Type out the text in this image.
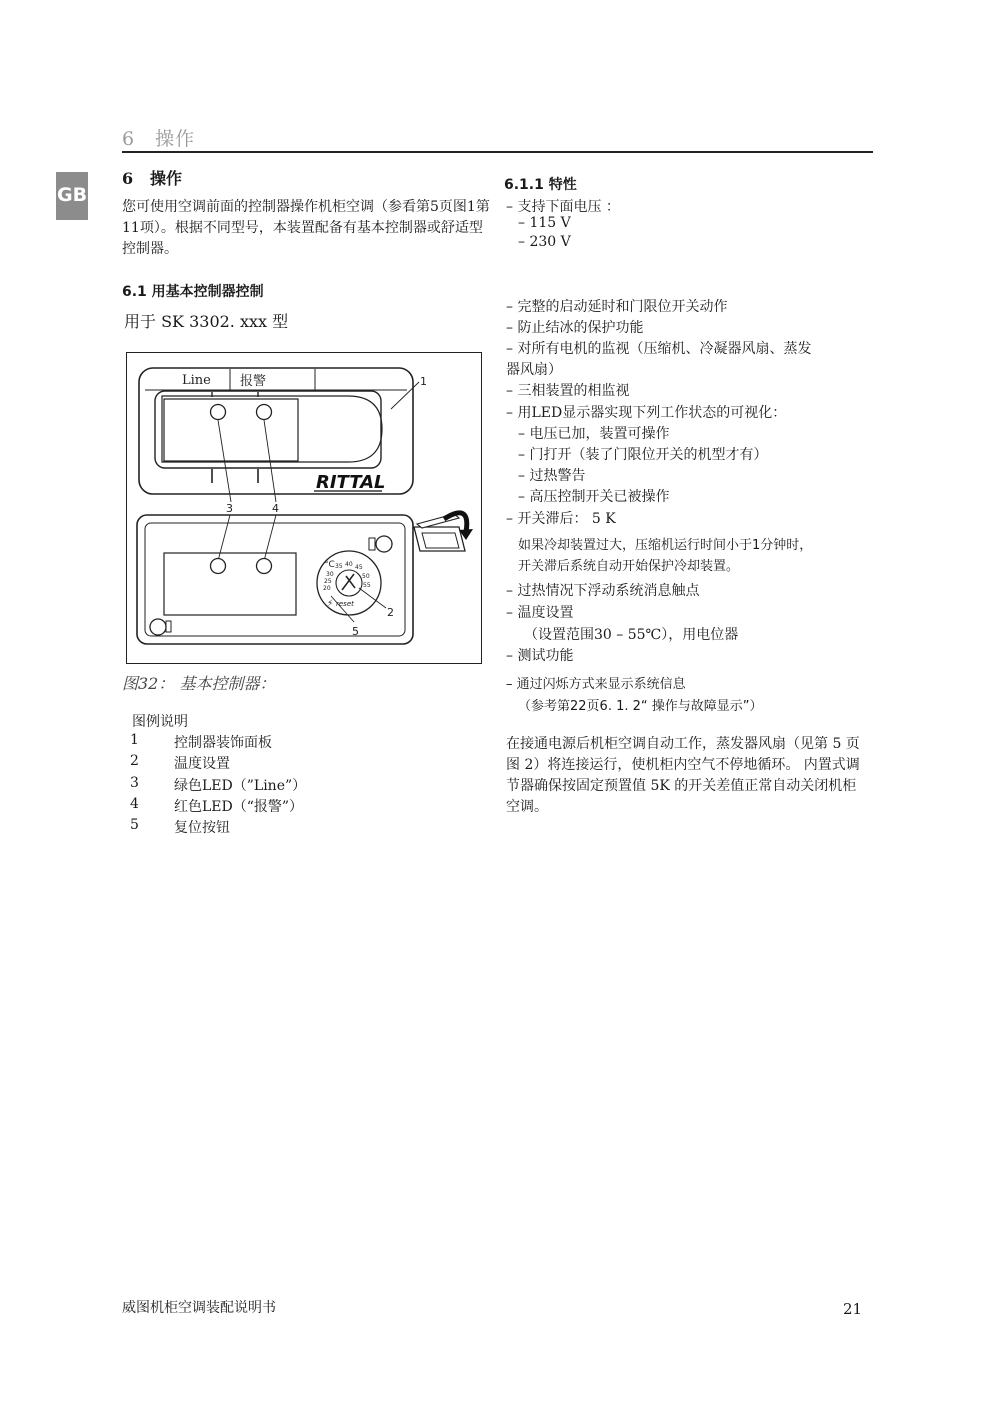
6　操作
GB
6 操作
您可使用空调前面的控制器操作机柜空调（参看第5页图1第11项）。根据不同型号，本装置配备有基本控制器或舒适型控制器。
6.1 用基本控制器控制
用于 SK 3302. xxx 型
Line 报警
RITTAL
1
3	4
°C 35 40 45
30	50
25
55
20
⚡ reset
2
5
图32： 基本控制器：
图例说明
1	控制器装饰面板
2	温度设置
3	绿色LED（”Line”）
4	红色LED（“报警”）
5	复位按钮
6.1.1 特性
– 支持下面电压 ：
– 115 V
– 230 V
– 完整的启动延时和门限位开关动作
– 防止结冰的保护功能
– 对所有电机的监视（压缩机、冷凝器风扇、蒸发
器风扇）
– 三相装置的相监视
– 用LED显示器实现下列工作状态的可视化：
– 电压已加，装置可操作
– 门打开（装了门限位开关的机型才有）
– 过热警告
– 高压控制开关已被操作
– 开关滞后： 5 K
如果冷却装置过大，压缩机运行时间小于1分钟时，
开关滞后系统自动开始保护冷却装置。
– 过热情况下浮动系统消息触点
– 温度设置
（设置范围30 – 55℃），用电位器
– 测试功能
– 通过闪烁方式来显示系统信息
（参考第22页6. 1. 2“ 操作与故障显示”）
在接通电源后机柜空调自动工作，蒸发器风扇（见第 5 页图 2）将连接运行，使机柜内空气不停地循环。 内置式调节器确保按固定预置值 5K 的开关差值正常自动关闭机柜空调。
威图机柜空调装配说明书	21
